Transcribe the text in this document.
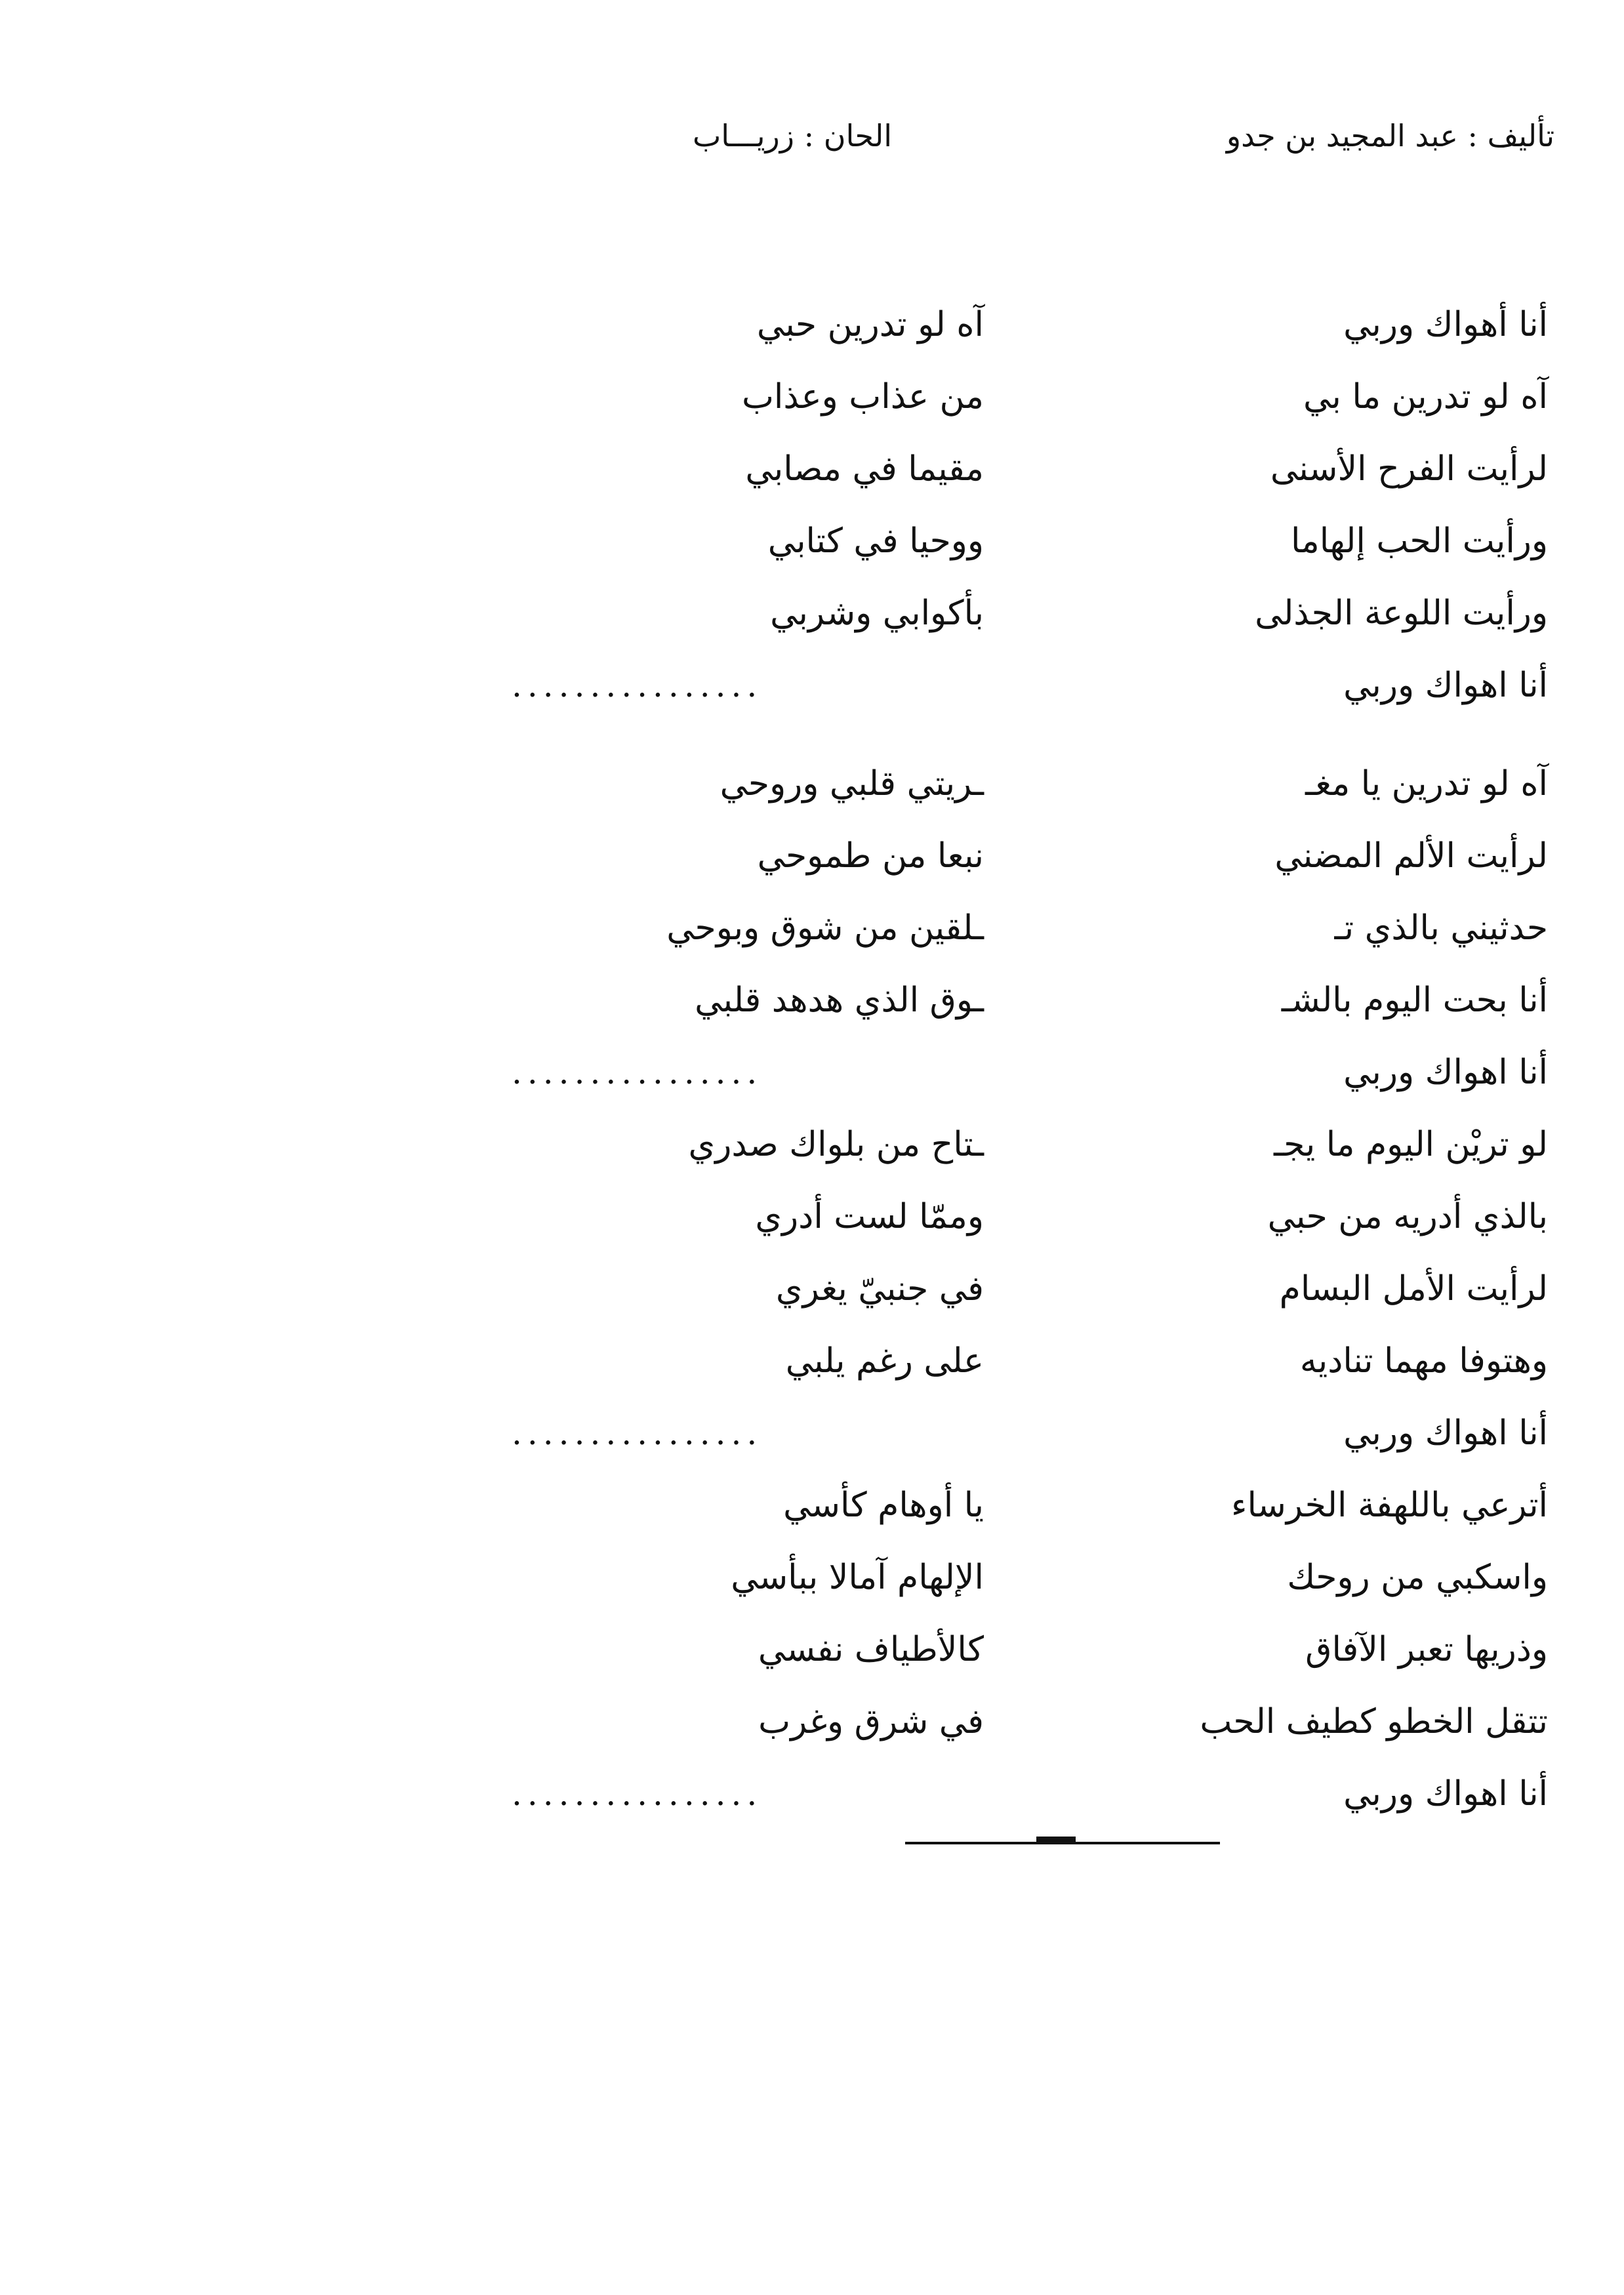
تأليف : عبد المجيد بن جدو
الحان : زريـــاب
أنا أهواك وربي
آه لو تدرين حبي
آه لو تدرين ما بي
من عذاب وعذاب
لرأيت الفرح الأسنى
مقيما في مصابي
ورأيت الحب إلهاما
ووحيا في كتابي
ورأيت اللوعة الجذلى
بأكوابي وشربي
أنا اهواك وربي
................
آه لو تدرين يا مغـ
ـريتي قلبي وروحي
لرأيت الألم المضني
نبعا من طموحي
حدثيني بالذي تـ
ـلقين من شوق وبوحي
أنا بحت اليوم بالشـ
ـوق الذي هدهد قلبي
أنا اهواك وربي
................
لو تريْن اليوم ما يجـ
ـتاح من بلواك صدري
بالذي أدريه من حبي
وممّا لست أدري
لرأيت الأمل البسام
في جنبيّ يغري
وهتوفا مهما تناديه
على رغم يلبي
أنا اهواك وربي
................
أترعي باللهفة الخرساء
يا أوهام كأسي
واسكبي من روحك
الإلهام آمالا ببأسي
وذريها تعبر الآفاق
كالأطياف نفسي
تتقل الخطو كطيف الحب
في شرق وغرب
أنا اهواك وربي
................
